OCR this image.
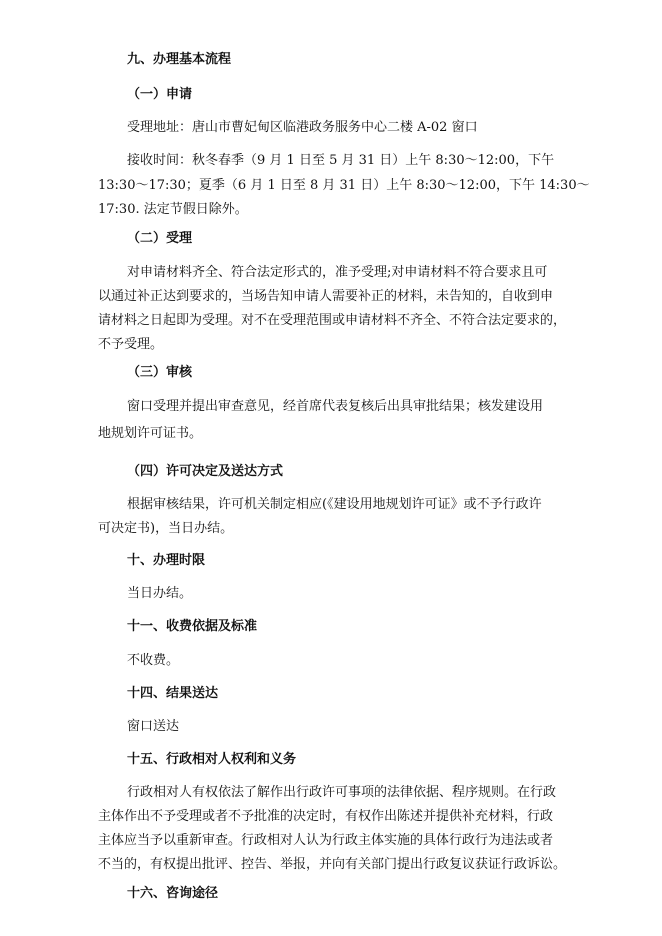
九、办理基本流程
（一）申请
受理地址：唐山市曹妃甸区临港政务服务中心二楼 A-02 窗口
接收时间：秋冬春季（9 月 1 日至 5 月 31 日）上午 8:30～12:00，下午
13:30～17:30；夏季（6 月 1 日至 8 月 31 日）上午 8:30～12:00，下午 14:30～
17:30. 法定节假日除外。
（二）受理
对申请材料齐全、符合法定形式的，准予受理;对申请材料不符合要求且可
以通过补正达到要求的，当场告知申请人需要补正的材料，未告知的，自收到申
请材料之日起即为受理。对不在受理范围或申请材料不齐全、不符合法定要求的，
不予受理。
（三）审核
窗口受理并提出审查意见，经首席代表复核后出具审批结果；核发建设用
地规划许可证书。
（四）许可决定及送达方式
根据审核结果，许可机关制定相应(《建设用地规划许可证》或不予行政许
可决定书)，当日办结。
十、办理时限
当日办结。
十一、收费依据及标准
不收费。
十四、结果送达
窗口送达
十五、行政相对人权利和义务
行政相对人有权依法了解作出行政许可事项的法律依据、程序规则。在行政
主体作出不予受理或者不予批准的决定时，有权作出陈述并提供补充材料，行政
主体应当予以重新审查。行政相对人认为行政主体实施的具体行政行为违法或者
不当的，有权提出批评、控告、举报，并向有关部门提出行政复议获证行政诉讼。
十六、咨询途径
